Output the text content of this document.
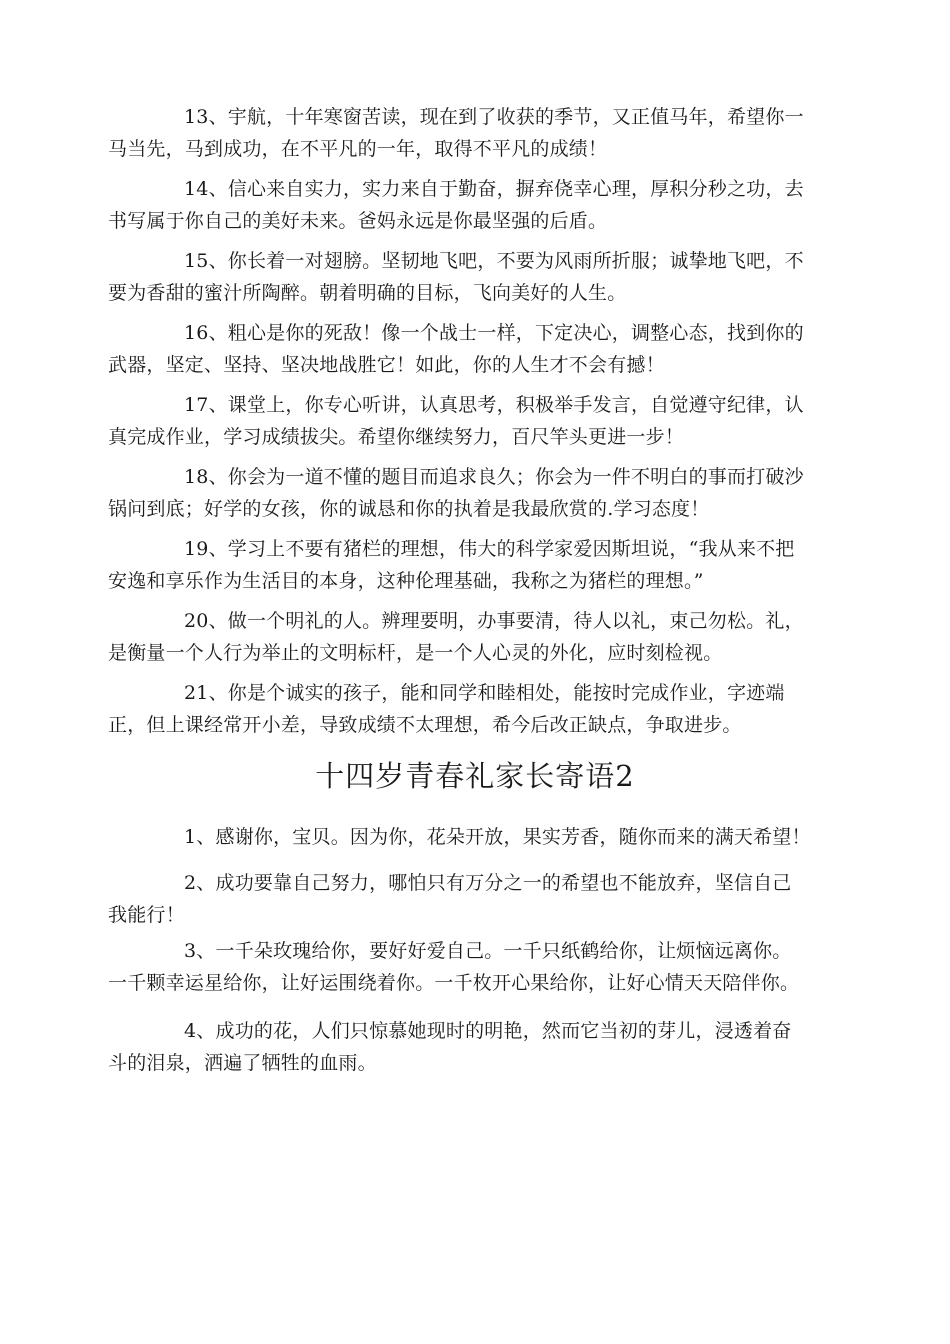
13、宇航，十年寒窗苦读，现在到了收获的季节，又正值马年，希望你一
马当先，马到成功，在不平凡的一年，取得不平凡的成绩！
14、信心来自实力，实力来自于勤奋，摒弃侥幸心理，厚积分秒之功，去
书写属于你自己的美好未来。爸妈永远是你最坚强的后盾。
15、你长着一对翅膀。坚韧地飞吧，不要为风雨所折服；诚挚地飞吧，不
要为香甜的蜜汁所陶醉。朝着明确的目标，飞向美好的人生。
16、粗心是你的死敌！像一个战士一样，下定决心，调整心态，找到你的
武器，坚定、坚持、坚决地战胜它！如此，你的人生才不会有撼！
17、课堂上，你专心听讲，认真思考，积极举手发言，自觉遵守纪律，认
真完成作业，学习成绩拔尖。希望你继续努力，百尺竿头更进一步！
18、你会为一道不懂的题目而追求良久；你会为一件不明白的事而打破沙
锅问到底；好学的女孩，你的诚恳和你的执着是我最欣赏的.学习态度！
19、学习上不要有猪栏的理想，伟大的科学家爱因斯坦说，“我从来不把
安逸和享乐作为生活目的本身，这种伦理基础，我称之为猪栏的理想。”
20、做一个明礼的人。辨理要明，办事要清，待人以礼，束己勿松。礼，
是衡量一个人行为举止的文明标杆，是一个人心灵的外化，应时刻检视。
21、你是个诚实的孩子，能和同学和睦相处，能按时完成作业，字迹端
正，但上课经常开小差，导致成绩不太理想，希今后改正缺点，争取进步。
十四岁青春礼家长寄语2
1、感谢你，宝贝。因为你，花朵开放，果实芳香，随你而来的满天希望！
2、成功要靠自己努力，哪怕只有万分之一的希望也不能放弃，坚信自己
我能行！
3、一千朵玫瑰给你，要好好爱自己。一千只纸鹤给你，让烦恼远离你。
一千颗幸运星给你，让好运围绕着你。一千枚开心果给你，让好心情天天陪伴你。
4、成功的花，人们只惊慕她现时的明艳，然而它当初的芽儿，浸透着奋
斗的泪泉，洒遍了牺牲的血雨。
